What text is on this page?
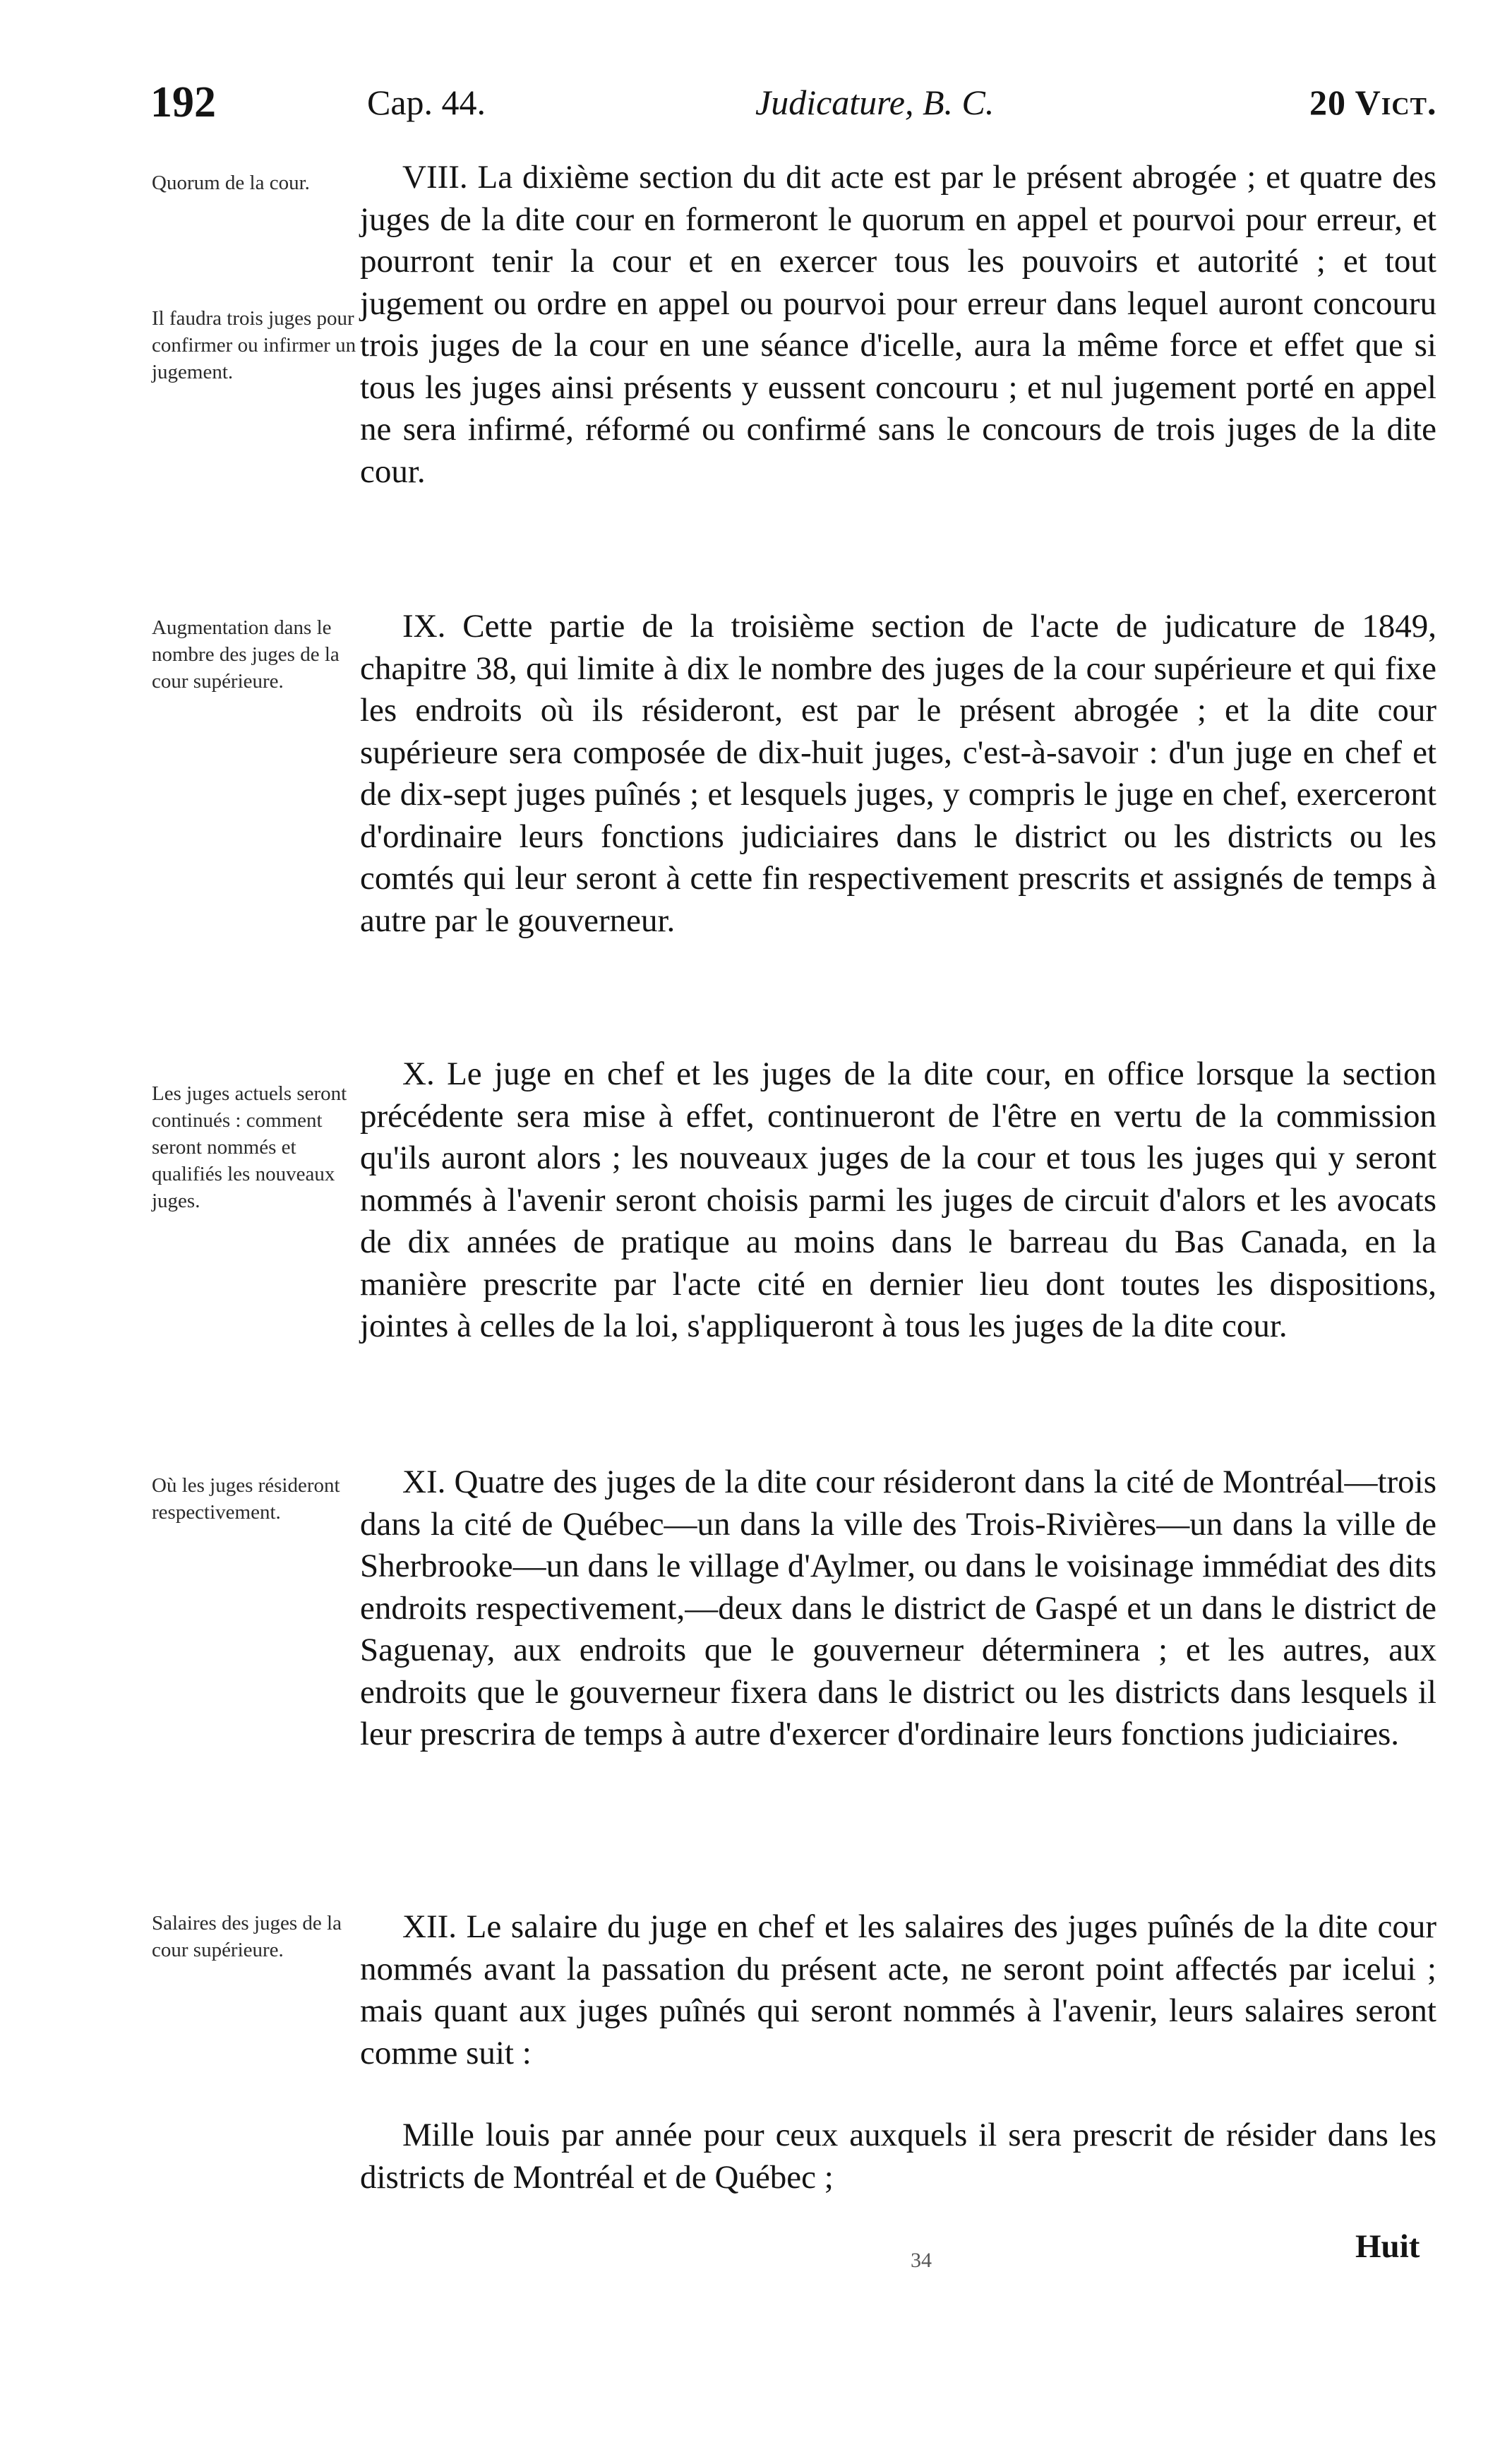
192	Cap. 44.	Judicature, B. C.	20 Vict.
Quorum de la cour.
Il faudra trois juges pour confirmer ou infirmer un jugement.

VIII. La dixième section du dit acte est par le présent abrogée ; et quatre des juges de la dite cour en formeront le quorum en appel et pourvoi pour erreur, et pourront tenir la cour et en exercer tous les pouvoirs et autorité ; et tout jugement ou ordre en appel ou pourvoi pour erreur dans lequel auront concouru trois juges de la cour en une séance d'icelle, aura la même force et effet que si tous les juges ainsi présents y eussent concouru ; et nul jugement porté en appel ne sera infirmé, réformé ou confirmé sans le concours de trois juges de la dite cour.

Augmentation dans le nombre des juges de la cour supérieure.

IX. Cette partie de la troisième section de l'acte de judicature de 1849, chapitre 38, qui limite à dix le nombre des juges de la cour supérieure et qui fixe les endroits où ils résideront, est par le présent abrogée ; et la dite cour supérieure sera composée de dix-huit juges, c'est-à-savoir : d'un juge en chef et de dix-sept juges puînés ; et lesquels juges, y compris le juge en chef, exerceront d'ordinaire leurs fonctions judiciaires dans le district ou les districts ou les comtés qui leur seront à cette fin respectivement prescrits et assignés de temps à autre par le gouverneur.

Les juges actuels seront continués : comment seront nommés et qualifiés les nouveaux juges.

X. Le juge en chef et les juges de la dite cour, en office lorsque la section précédente sera mise à effet, continueront de l'être en vertu de la commission qu'ils auront alors ; les nouveaux juges de la cour et tous les juges qui y seront nommés à l'avenir seront choisis parmi les juges de circuit d'alors et les avocats de dix années de pratique au moins dans le barreau du Bas Canada, en la manière prescrite par l'acte cité en dernier lieu dont toutes les dispositions, jointes à celles de la loi, s'appliqueront à tous les juges de la dite cour.

Où les juges résideront respectivement.

XI. Quatre des juges de la dite cour résideront dans la cité de Montréal—trois dans la cité de Québec—un dans la ville des Trois-Rivières—un dans la ville de Sherbrooke—un dans le village d'Aylmer, ou dans le voisinage immédiat des dits endroits respectivement,—deux dans le district de Gaspé et un dans le district de Saguenay, aux endroits que le gouverneur déterminera ; et les autres, aux endroits que le gouverneur fixera dans le district ou les districts dans lesquels il leur prescrira de temps à autre d'exercer d'ordinaire leurs fonctions judiciaires.

Salaires des juges de la cour supérieure.

XII. Le salaire du juge en chef et les salaires des juges puînés de la dite cour nommés avant la passation du présent acte, ne seront point affectés par icelui ; mais quant aux juges puînés qui seront nommés à l'avenir, leurs salaires seront comme suit :

Mille louis par année pour ceux auxquels il sera prescrit de résider dans les districts de Montréal et de Québec ;

34	Huit
